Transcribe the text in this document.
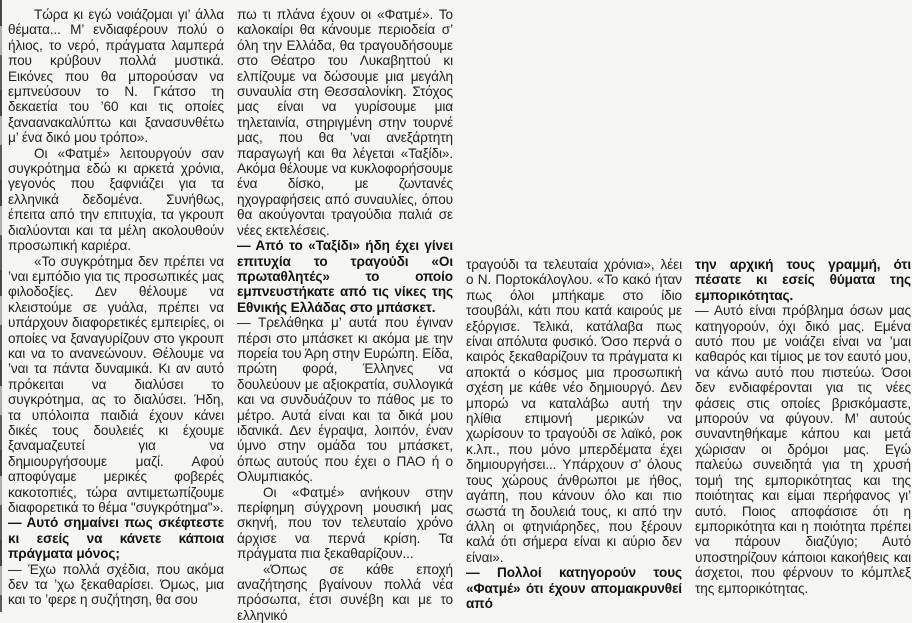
Τώρα κι εγώ νοιάζομαι γι’ άλλα θέματα... Μ’ ενδιαφέρουν πολύ ο ήλιος, το νερό, πράγματα λαμπερά που κρύβουν πολλά μυστικά. Εικόνες που θα μπορούσαν να εμπνεύσουν το Ν. Γκάτσο τη δεκαετία του ’60 και τις οποίες ξαναανακαλύπτω και ξανασυνθέτω μ’ ένα δικό μου τρόπο».

Οι «Φατμέ» λειτουργούν σαν συγκρότημα εδώ κι αρκετά χρόνια, γεγονός που ξαφνιάζει για τα ελληνικά δεδομένα. Συνήθως, έπειτα από την επιτυχία, τα γκρουπ διαλύονται και τα μέλη ακολουθούν προσωπική καριέρα.

«Το συγκρότημα δεν πρέπει να ’ναι εμπόδιο για τις προσωπικές μας φιλοδοξίες. Δεν θέλουμε να κλειστούμε σε γυάλα, πρέπει να υπάρχουν διαφορετικές εμπειρίες, οι οποίες να ξαναγυρίζουν στο γκρουπ και να το ανανεώνουν. Θέλουμε να ’ναι τα πάντα δυναμικά. Κι αν αυτό πρόκειται να διαλύσει το συγκρότημα, ας το διαλύσει. Ήδη, τα υπόλοιπα παιδιά έχουν κάνει δικές τους δουλειές κι έχουμε ξαναμαζευτεί για να δημιουργήσουμε μαζί. Αφού αποφύγαμε μερικές φοβερές κακοτοπιές, τώρα αντιμετωπίζουμε διαφορετικά το θέμα "συγκρότημα"».

— Αυτό σημαίνει πως σκέφτεστε κι εσείς να κάνετε κάποια πράγματα μόνος;

— Έχω πολλά σχέδια, που ακόμα δεν τα ’χω ξεκαθαρίσει. Όμως, μια και το ’φερε η συζήτηση, θα σου

πω τι πλάνα έχουν οι «Φατμέ». Το καλοκαίρι θα κάνουμε περιοδεία σ’ όλη την Ελλάδα, θα τραγουδήσουμε στο Θέατρο του Λυκαβηττού κι ελπίζουμε να δώσουμε μια μεγάλη συναυλία στη Θεσσαλονίκη. Στόχος μας είναι να γυρίσουμε μια τηλεταινία, στηριγμένη στην τουρνέ μας, που θα ’ναι ανεξάρτητη παραγωγή και θα λέγεται «Ταξίδι». Ακόμα θέλουμε να κυκλοφορήσουμε ένα δίσκο, με ζωντανές ηχογραφήσεις από συναυλίες, όπου θα ακούγονται τραγούδια παλιά σε νέες εκτελέσεις.

— Από το «Ταξίδι» ήδη έχει γίνει επιτυχία το τραγούδι «Οι πρωταθλητές» το οποίο εμπνευστήκατε από τις νίκες της Εθνικής Ελλάδας στο μπάσκετ.

— Τρελάθηκα μ’ αυτά που έγιναν πέρσι στο μπάσκετ κι ακόμα με την πορεία του Άρη στην Ευρώπη. Είδα, πρώτη φορά, Έλληνες να δουλεύουν με αξιοκρατία, συλλογικά και να συνδυάζουν το πάθος με το μέτρο. Αυτά είναι και τα δικά μου ιδανικά. Δεν έγραψα, λοιπόν, έναν ύμνο στην ομάδα του μπάσκετ, όπως αυτούς που έχει ο ΠΑΟ ή ο Ολυμπιακός.

Οι «Φατμέ» ανήκουν στην περίφημη σύγχρονη μουσική μας σκηνή, που τον τελευταίο χρόνο άρχισε να περνά κρίση. Τα πράγματα πια ξεκαθαρίζουν...

«Όπως σε κάθε εποχή αναζήτησης βγαίνουν πολλά νέα πρόσωπα, έτσι συνέβη και με το ελληνικό

τραγούδι τα τελευταία χρόνια», λέει ο Ν. Πορτοκάλογλου. «Το κακό ήταν πως όλοι μπήκαμε στο ίδιο τσουβάλι, κάτι που κατά καιρούς με εξόργισε. Τελικά, κατάλαβα πως είναι απόλυτα φυσικό. Όσο περνά ο καιρός ξεκαθαρίζουν τα πράγματα κι αποκτά ο κόσμος μια προσωπική σχέση με κάθε νέο δημιουργό. Δεν μπορώ να καταλάβω αυτή την ηλίθια επιμονή μερικών να χωρίσουν το τραγούδι σε λαϊκό, ροκ κ.λπ., που μόνο μπερδέματα έχει δημιουργήσει... Υπάρχουν σ’ όλους τους χώρους άνθρωποι με ήθος, αγάπη, που κάνουν όλο και πιο σωστά τη δουλειά τους, κι από την άλλη οι φτηνιάρηδες, που ξέρουν καλά ότι σήμερα είναι κι αύριο δεν είναι».

— Πολλοί κατηγορούν τους «Φατμέ» ότι έχουν απομακρυνθεί από

την αρχική τους γραμμή, ότι πέσατε κι εσείς θύματα της εμπορικότητας.

— Αυτό είναι πρόβλημα όσων μας κατηγορούν, όχι δικό μας. Εμένα αυτό που με νοιάζει είναι να ’μαι καθαρός και τίμιος με τον εαυτό μου, να κάνω αυτό που πιστεύω. Όσοι δεν ενδιαφέρονται για τις νέες φάσεις στις οποίες βρισκόμαστε, μπορούν να φύγουν. Μ’ αυτούς συναντηθήκαμε κάπου και μετά χώρισαν οι δρόμοι μας. Εγώ παλεύω συνειδητά για τη χρυσή τομή της εμπορικότητας και της ποιότητας και είμαι περήφανος γι’ αυτό. Ποιος αποφάσισε ότι η εμπορικότητα και η ποιότητα πρέπει να πάρουν διαζύγιο; Αυτό υποστηρίζουν κάποιοι κακοήθεις και άσχετοι, που φέρνουν το κόμπλεξ της εμπορικότητας.
